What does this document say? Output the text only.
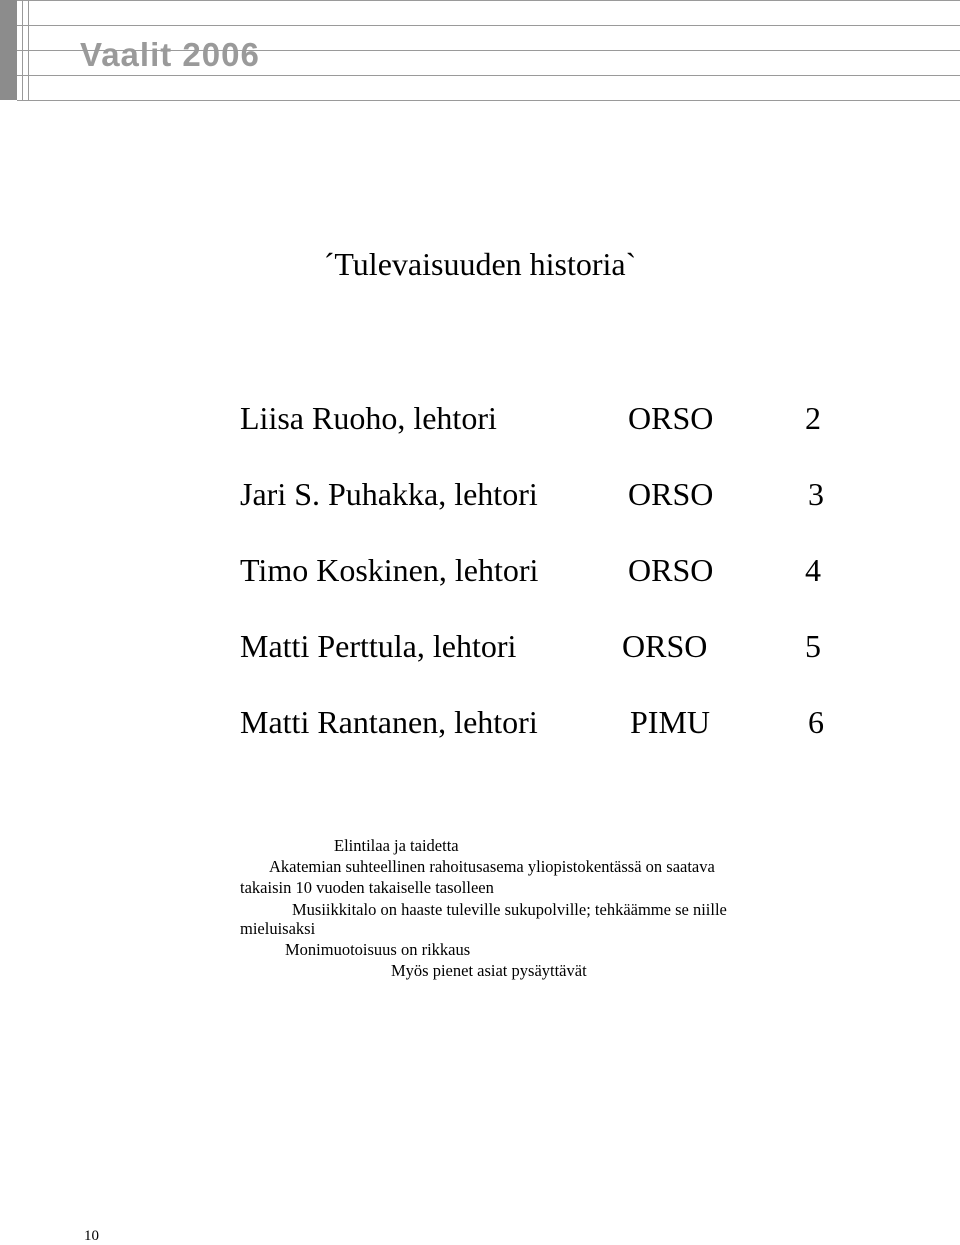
Vaalit 2006
´Tulevaisuuden historia`
Liisa Ruoho, lehtori	ORSO	2
Jari S. Puhakka, lehtori	ORSO	3
Timo Koskinen, lehtori	ORSO	4
Matti Perttula, lehtori	ORSO	5
Matti Rantanen, lehtori	PIMU	6
Elintilaa ja taidetta
Akatemian suhteellinen rahoitusasema yliopistokentässä on saatava
takaisin 10 vuoden takaiselle tasolleen
Musiikkitalo on haaste tuleville sukupolville; tehkäämme se niille
mieluisaksi
Monimuotoisuus on rikkaus
Myös pienet asiat pysäyttävät
10
